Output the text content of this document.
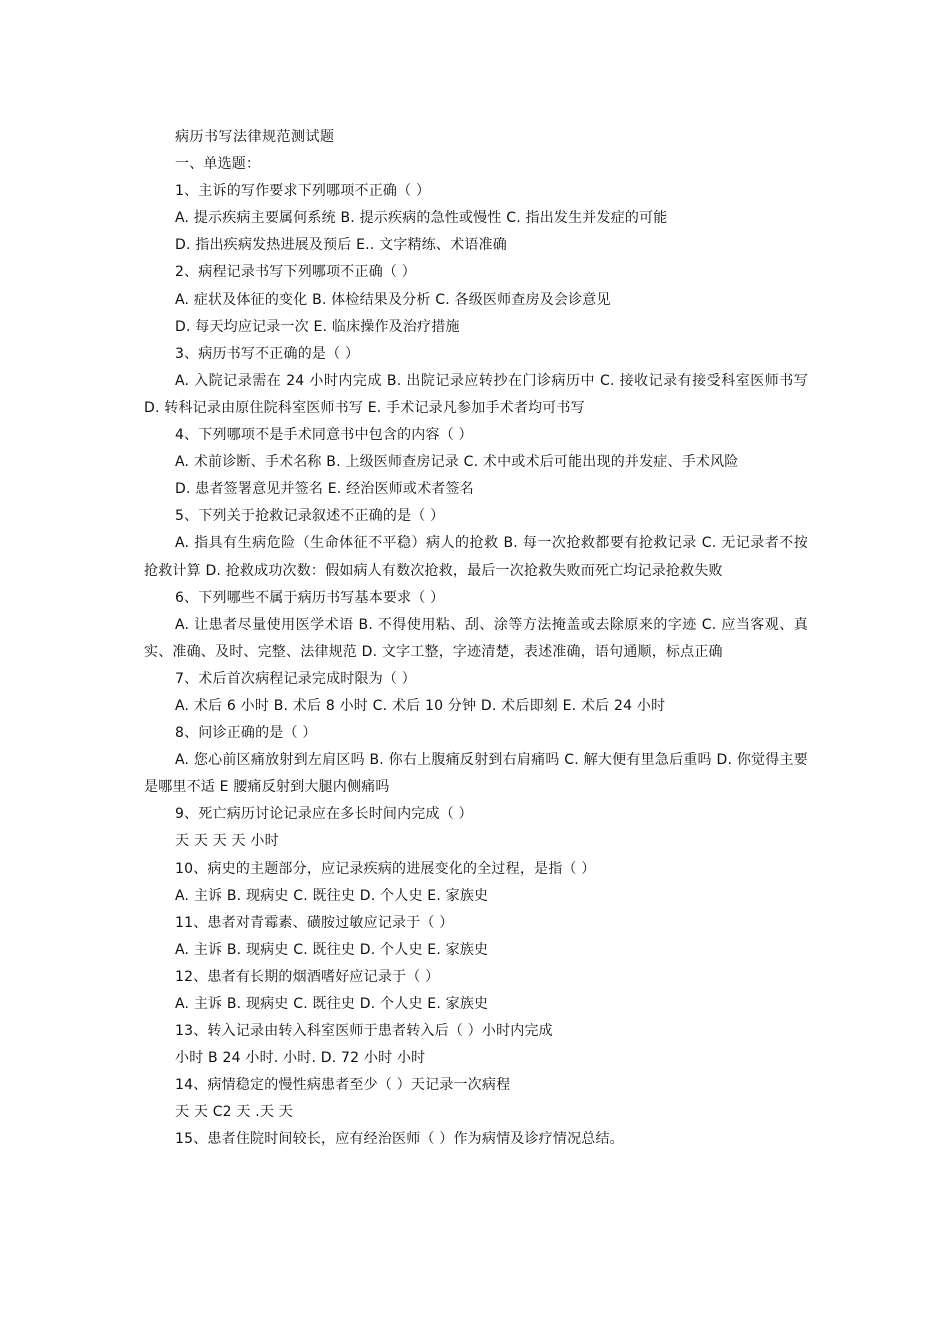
病历书写法律规范测试题
一、单选题：
1、主诉的写作要求下列哪项不正确（ ）
A. 提示疾病主要属何系统 B. 提示疾病的急性或慢性 C. 指出发生并发症的可能
D. 指出疾病发热进展及预后 E.. 文字精练、术语准确
2、病程记录书写下列哪项不正确（ ）
A. 症状及体征的变化 B. 体检结果及分析 C. 各级医师查房及会诊意见
D. 每天均应记录一次 E. 临床操作及治疗措施
3、病历书写不正确的是（ ）
A. 入院记录需在 24 小时内完成 B. 出院记录应转抄在门诊病历中 C. 接收记录有接受科室医师书写 D. 转科记录由原住院科室医师书写 E. 手术记录凡参加手术者均可书写
4、下列哪项不是手术同意书中包含的内容（ ）
A. 术前诊断、手术名称 B. 上级医师查房记录 C. 术中或术后可能出现的并发症、手术风险
D. 患者签署意见并签名 E. 经治医师或术者签名
5、下列关于抢救记录叙述不正确的是（ ）
A. 指具有生病危险（生命体征不平稳）病人的抢救 B. 每一次抢救都要有抢救记录 C. 无记录者不按抢救计算 D. 抢救成功次数：假如病人有数次抢救，最后一次抢救失败而死亡均记录抢救失败
6、下列哪些不属于病历书写基本要求（ ）
A. 让患者尽量使用医学术语 B. 不得使用粘、刮、涂等方法掩盖或去除原来的字迹 C. 应当客观、真实、准确、及时、完整、法律规范 D. 文字工整，字迹清楚，表述准确，语句通顺，标点正确
7、术后首次病程记录完成时限为（ ）
A. 术后 6 小时 B. 术后 8 小时 C. 术后 10 分钟 D. 术后即刻 E. 术后 24 小时
8、问诊正确的是（ ）
A. 您心前区痛放射到左肩区吗 B. 你右上腹痛反射到右肩痛吗 C. 解大便有里急后重吗 D. 你觉得主要是哪里不适 E 腰痛反射到大腿内侧痛吗
9、死亡病历讨论记录应在多长时间内完成（ ）
天 天 天 天 小时
10、病史的主题部分，应记录疾病的进展变化的全过程，是指（ ）
A. 主诉 B. 现病史 C. 既往史 D. 个人史 E. 家族史
11、患者对青霉素、磺胺过敏应记录于（ ）
A. 主诉 B. 现病史 C. 既往史 D. 个人史 E. 家族史
12、患者有长期的烟酒嗜好应记录于（ ）
A. 主诉 B. 现病史 C. 既往史 D. 个人史 E. 家族史
13、转入记录由转入科室医师于患者转入后（ ）小时内完成
小时 B 24 小时. 小时. D. 72 小时 小时
14、病情稳定的慢性病患者至少（ ）天记录一次病程
天 天 C2 天 .天 天
15、患者住院时间较长，应有经治医师（ ）作为病情及诊疗情况总结。
